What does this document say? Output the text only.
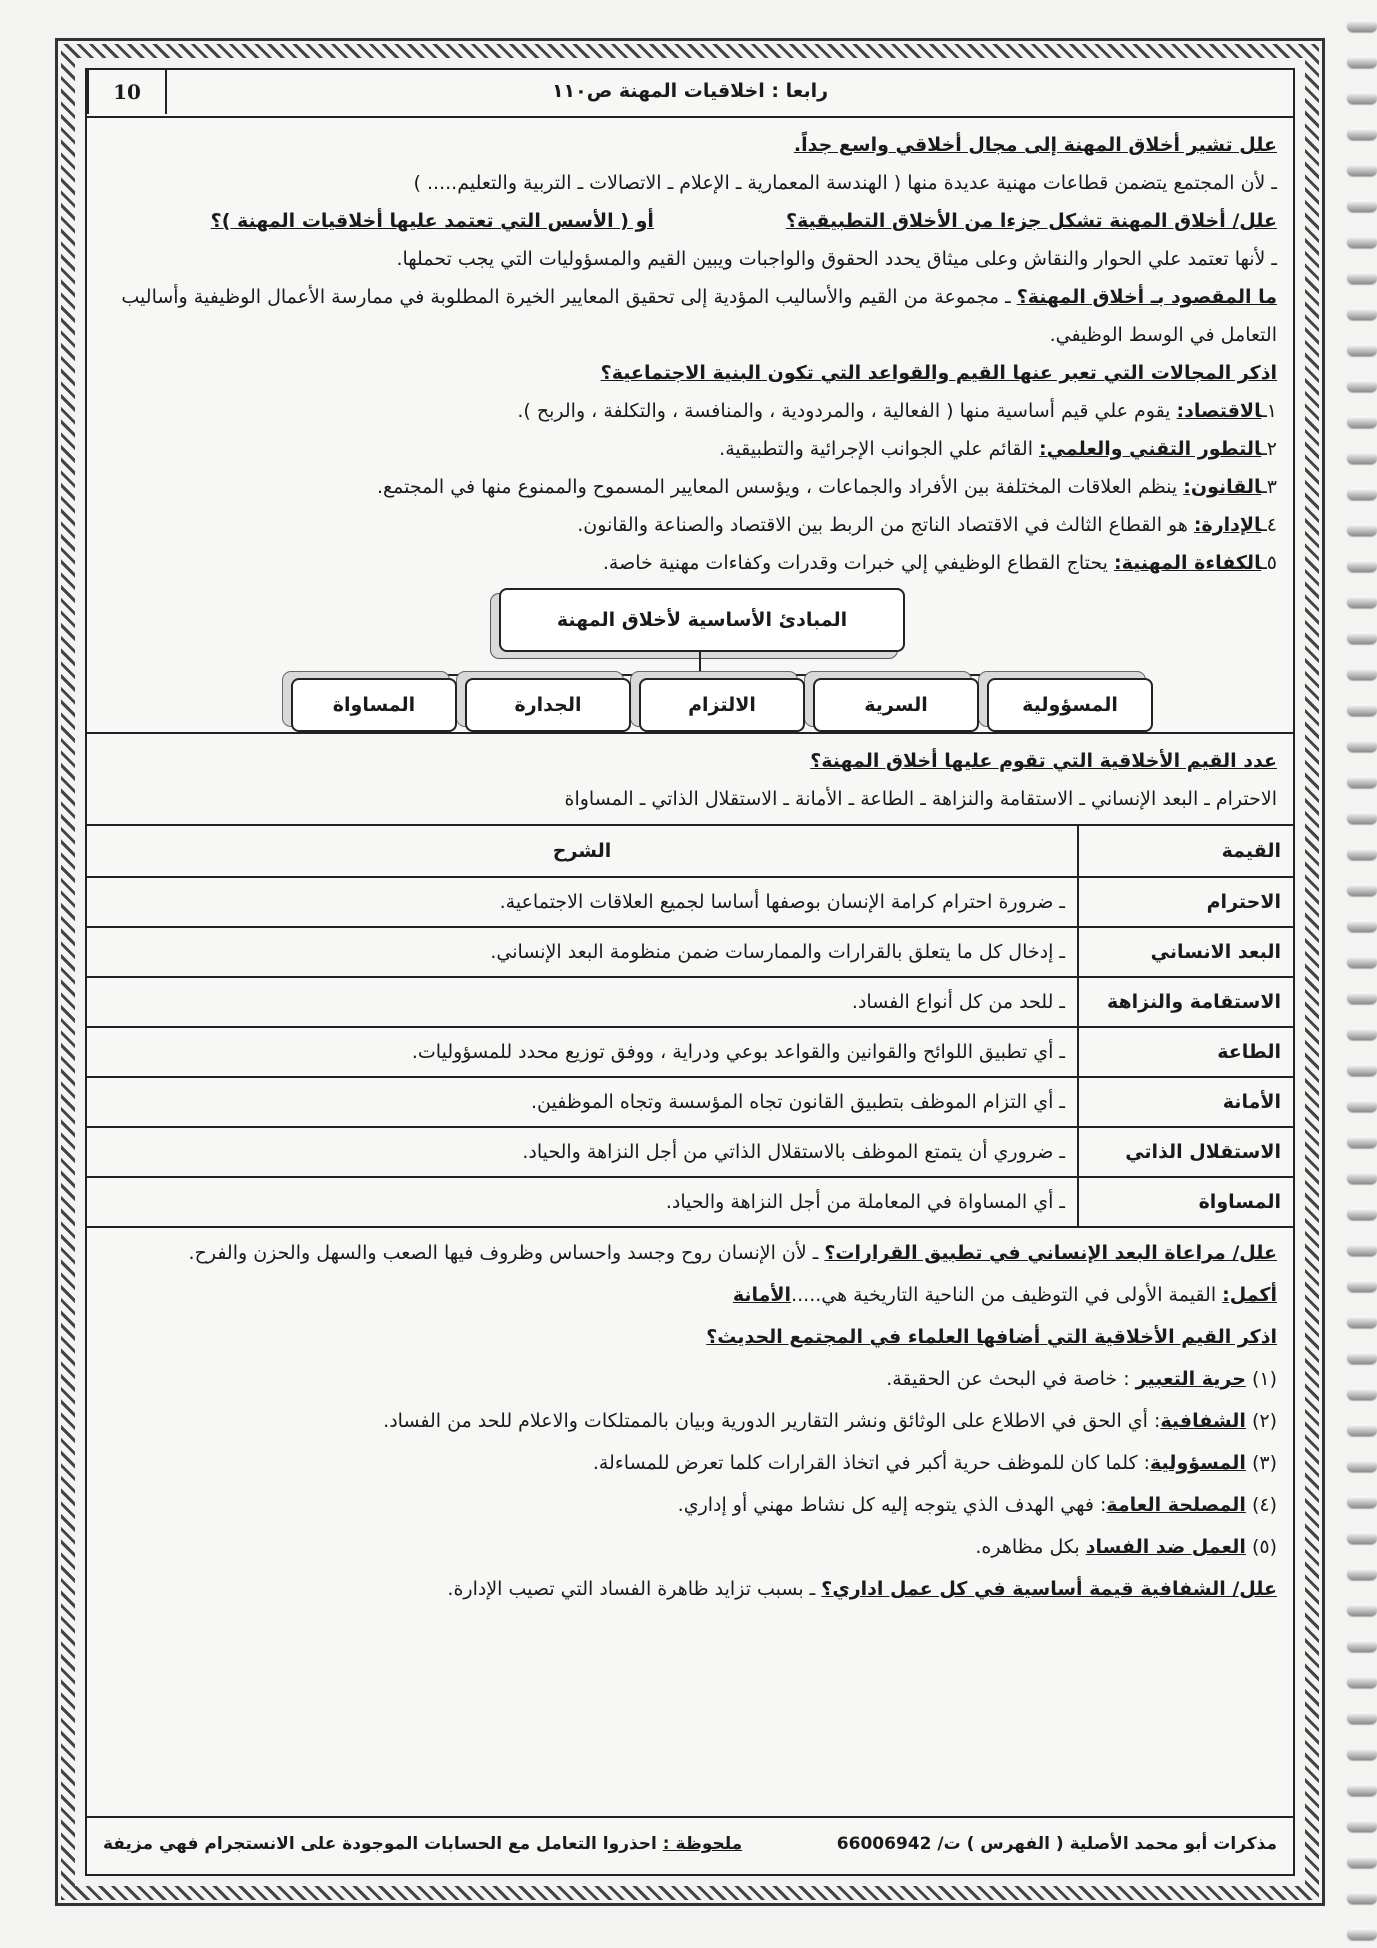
رابعا : اخلاقيات المهنة ص١١٠
10

علل تشير أخلاق المهنة إلى مجال أخلاقي واسع جداً.

ـ لأن المجتمع يتضمن قطاعات مهنية عديدة منها ( الهندسة المعمارية ـ الإعلام ـ الاتصالات ـ التربية والتعليم..... )

علل/ أخلاق المهنة تشكل جزءا من الأخلاق التطبيقية؟  أو ( الأسس التي تعتمد عليها أخلاقيات المهنة )؟

ـ لأنها تعتمد علي الحوار والنقاش وعلى ميثاق يحدد الحقوق والواجبات ويبين القيم والمسؤوليات التي يجب تحملها.

ما المقصود بـ أخلاق المهنة؟ ـ مجموعة من القيم والأساليب المؤدية إلى تحقيق المعايير الخيرة المطلوبة في ممارسة الأعمال الوظيفية وأساليب التعامل في الوسط الوظيفي.

اذكر المجالات التي تعبر عنها القيم والقواعد التي تكون البنية الاجتماعية؟

١ـالاقتصاد: يقوم علي قيم أساسية منها ( الفعالية ، والمردودية ، والمنافسة ، والتكلفة ، والربح ).

٢ـالتطور التقني والعلمي: القائم علي الجوانب الإجرائية والتطبيقية.

٣ـالقانون: ينظم العلاقات المختلفة بين الأفراد والجماعات ، ويؤسس المعايير المسموح والممنوع منها في المجتمع.

٤ـالإدارة: هو القطاع الثالث في الاقتصاد الناتج من الربط بين الاقتصاد والصناعة والقانون.

٥ـالكفاءة المهنية: يحتاج القطاع الوظيفي إلي خبرات وقدرات وكفاءات مهنية خاصة.

المبادئ الأساسية لأخلاق المهنة
المسؤولية
السرية
الالتزام
الجدارة
المساواة

عدد القيم الأخلاقية التي تقوم عليها أخلاق المهنة؟

الاحترام ـ البعد الإنساني ـ الاستقامة والنزاهة ـ الطاعة ـ الأمانة ـ الاستقلال الذاتي ـ المساواة

القيمة	الشرح
الاحترام	ـ ضرورة احترام كرامة الإنسان بوصفها أساسا لجميع العلاقات الاجتماعية.
البعد الانساني	ـ إدخال كل ما يتعلق بالقرارات والممارسات ضمن منظومة البعد الإنساني.
الاستقامة والنزاهة	ـ للحد من كل أنواع الفساد.
الطاعة	ـ أي تطبيق اللوائح والقوانين والقواعد بوعي ودراية ، ووفق توزيع محدد للمسؤوليات.
الأمانة	ـ أي التزام الموظف بتطبيق القانون تجاه المؤسسة وتجاه الموظفين.
الاستقلال الذاتي	ـ ضروري أن يتمتع الموظف بالاستقلال الذاتي من أجل النزاهة والحياد.
المساواة	ـ أي المساواة في المعاملة من أجل النزاهة والحياد.

علل/ مراعاة البعد الإنساني في تطبيق القرارات؟ ـ لأن الإنسان روح وجسد واحساس وظروف فيها الصعب والسهل والحزن والفرح.

أكمل: القيمة الأولى في التوظيف من الناحية التاريخية هي.....الأمانة

اذكر القيم الأخلاقية التي أضافها العلماء في المجتمع الحديث؟

(١) حرية التعبير : خاصة في البحث عن الحقيقة.

(٢) الشفافية: أي الحق في الاطلاع على الوثائق ونشر التقارير الدورية وبيان بالممتلكات والاعلام للحد من الفساد.

(٣) المسؤولية: كلما كان للموظف حرية أكبر في اتخاذ القرارات كلما تعرض للمساءلة.

(٤) المصلحة العامة: فهي الهدف الذي يتوجه إليه كل نشاط مهني أو إداري.

(٥) العمل ضد الفساد بكل مظاهره.

علل/ الشفافية قيمة أساسية في كل عمل اداري؟ ـ بسبب تزايد ظاهرة الفساد التي تصيب الإدارة.

مذكرات أبو محمد الأصلية ( الفهرس ) ت/ 66006942
ملحوظة : احذروا التعامل مع الحسابات الموجودة على الانستجرام فهي مزيفة
